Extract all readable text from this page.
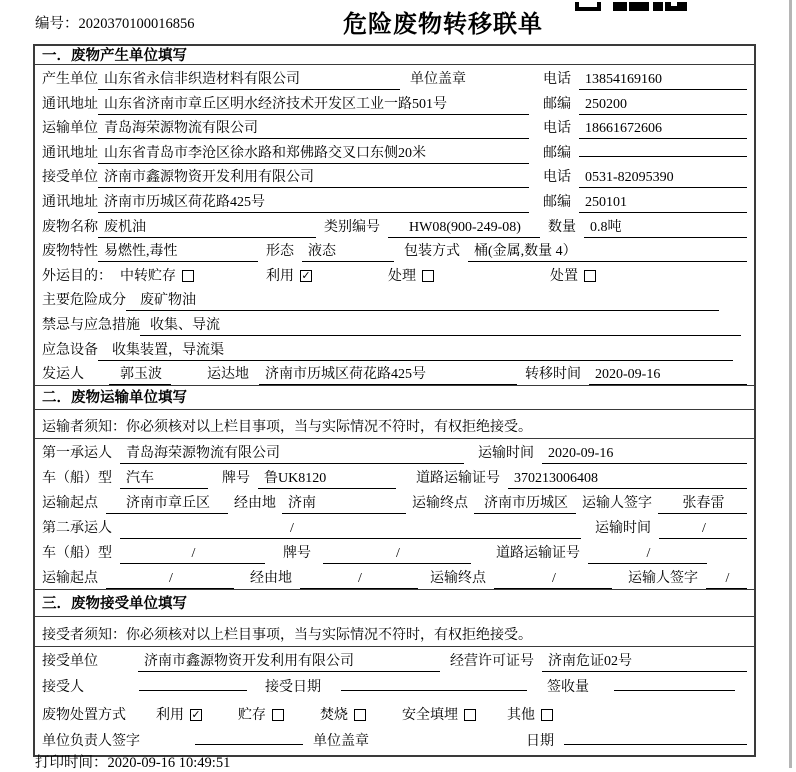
编号：2020370100016856	危险废物转移联单
一．废物产生单位填写
产生单位 山东省永信非织造材料有限公司	单位盖章	电话	13854169160
通讯地址 山东省济南市章丘区明水经济技术开发区工业一路501号	邮编	250200
运输单位 青岛海荣源物流有限公司	电话	18661672606
通讯地址 山东省青岛市李沧区徐水路和郑佛路交叉口东侧20米	邮编
接受单位 济南市鑫源物资开发利用有限公司	电话	0531-82095390
通讯地址 济南市历城区荷花路425号	邮编	250101
废物名称 废机油	类别编号	HW08(900-249-08)	数量	0.8吨
废物特性 易燃性,毒性	形态	液态	包装方式	桶(金属,数量 4）
外运目的： 中转贮存	利用 ✓	处理	处置
主要危险成分	废矿物油
禁忌与应急措施 收集、导流
应急设备	收集装置，导流渠
发运人	郭玉波	运达地	济南市历城区荷花路425号	转移时间	2020-09-16
二．废物运输单位填写
运输者须知：你必须核对以上栏目事项，当与实际情况不符时，有权拒绝接受。
第一承运人	青岛海荣源物流有限公司	运输时间	2020-09-16
车（船）型	汽车	牌号	鲁UK8120	道路运输证号	370213006408
运输起点	济南市章丘区	经由地 济南	运输终点	济南市历城区	运输人签字	张春雷
第二承运人	/	运输时间	/
车（船）型	/	牌号	/	道路运输证号	/
运输起点	/	经由地	/	运输终点	/	运输人签字	/
三．废物接受单位填写
接受者须知：你必须核对以上栏目事项，当与实际情况不符时，有权拒绝接受。
接受单位	济南市鑫源物资开发利用有限公司	经营许可证号	济南危证02号
接受人	接受日期	签收量
废物处置方式 利用 ✓	贮存	焚烧	安全填埋	其他
单位负责人签字	单位盖章	日期
打印时间：2020-09-16 10:49:51
